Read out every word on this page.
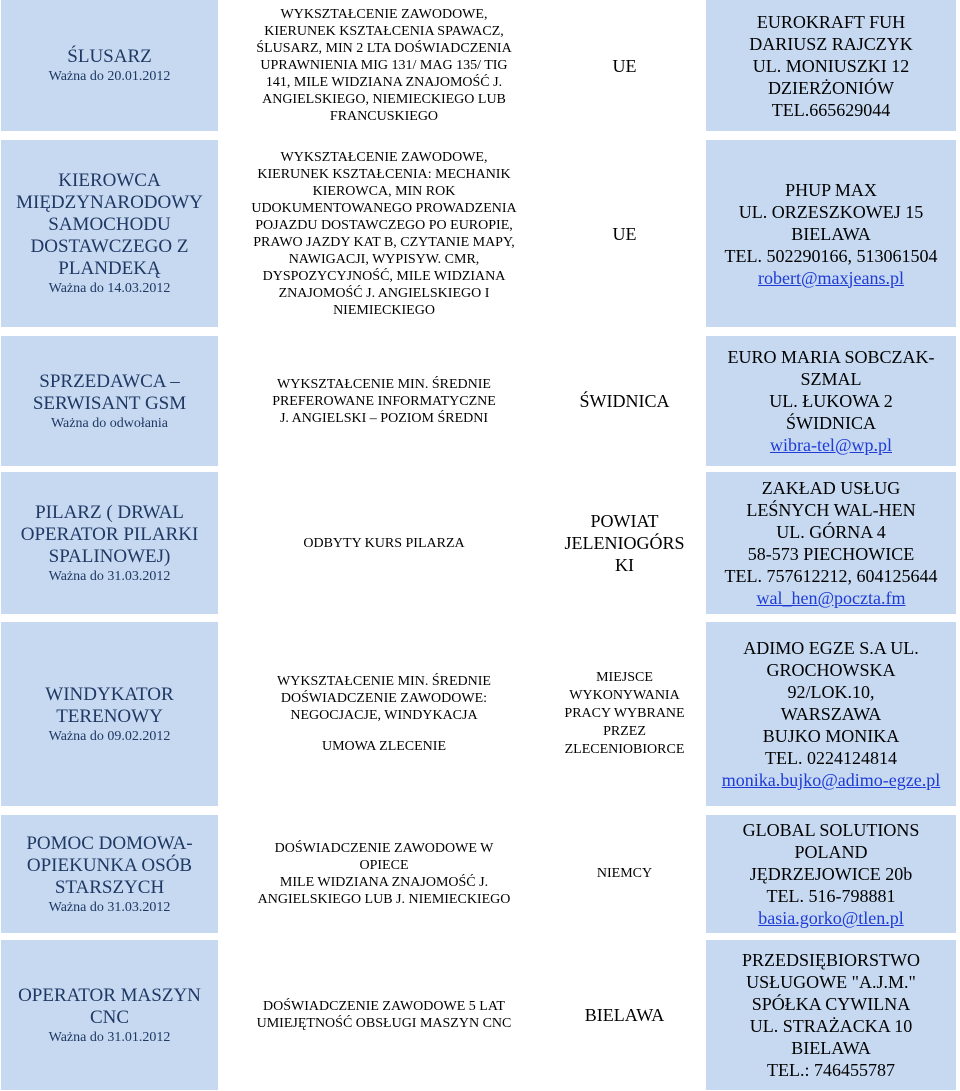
ŚLUSARZ
Ważna do 20.01.2012
WYKSZTAŁCENIE ZAWODOWE,
KIERUNEK KSZTAŁCENIA SPAWACZ,
ŚLUSARZ, MIN 2 LTA DOŚWIADCZENIA
UPRAWNIENIA MIG 131/ MAG 135/ TIG
141, MILE WIDZIANA ZNAJOMOŚĆ J.
ANGIELSKIEGO, NIEMIECKIEGO LUB
FRANCUSKIEGO
UE
EUROKRAFT FUH
DARIUSZ RAJCZYK
UL. MONIUSZKI 12
DZIERŻONIÓW
TEL.665629044
KIEROWCA MIĘDZYNARODOWY SAMOCHODU DOSTAWCZEGO Z PLANDEKĄ
Ważna do 14.03.2012
WYKSZTAŁCENIE ZAWODOWE,
KIERUNEK KSZTAŁCENIA: MECHANIK
KIEROWCA, MIN ROK
UDOKUMENTOWANEGO PROWADZENIA
POJAZDU DOSTAWCZEGO PO EUROPIE,
PRAWO JAZDY KAT B, CZYTANIE MAPY,
NAWIGACJI, WYPISYW. CMR,
DYSPOZYCYJNOŚĆ, MILE WIDZIANA
ZNAJOMOŚĆ J. ANGIELSKIEGO I
NIEMIECKIEGO
UE
PHUP MAX
UL. ORZESZKOWEJ 15
BIELAWA
TEL. 502290166, 513061504
robert@maxjeans.pl
SPRZEDAWCA – SERWISANT GSM
Ważna do odwołania
WYKSZTAŁCENIE MIN. ŚREDNIE
PREFEROWANE INFORMATYCZNE
J. ANGIELSKI – POZIOM ŚREDNI
ŚWIDNICA
EURO MARIA SOBCZAK-
SZMAL
UL. ŁUKOWA 2
ŚWIDNICA
wibra-tel@wp.pl
PILARZ ( DRWAL OPERATOR PILARKI SPALINOWEJ)
Ważna do 31.03.2012
ODBYTY KURS PILARZA
POWIAT JELENIOGÓRS KI
ZAKŁAD USŁUG
LEŚNYCH WAL-HEN
UL. GÓRNA 4
58-573 PIECHOWICE
TEL. 757612212, 604125644
wal_hen@poczta.fm
WINDYKATOR TERENOWY
Ważna do 09.02.2012
WYKSZTAŁCENIE MIN. ŚREDNIE
DOŚWIADCZENIE ZAWODOWE:
NEGOCJACJE, WINDYKACJA
UMOWA ZLECENIE
MIEJSCE WYKONYWANIA PRACY WYBRANE PRZEZ ZLECENIOBIORCE
ADIMO EGZE S.A UL.
GROCHOWSKA
92/LOK.10,
WARSZAWA
BUJKO MONIKA
TEL. 0224124814
monika.bujko@adimo-egze.pl
POMOC DOMOWA-OPIEKUNKA OSÓB STARSZYCH
Ważna do 31.03.2012
DOŚWIADCZENIE ZAWODOWE W
OPIECE
MILE WIDZIANA ZNAJOMOŚĆ J.
ANGIELSKIEGO LUB J. NIEMIECKIEGO
NIEMCY
GLOBAL SOLUTIONS
POLAND
JĘDRZEJOWICE 20b
TEL. 516-798881
basia.gorko@tlen.pl
OPERATOR MASZYN CNC
Ważna do 31.01.2012
DOŚWIADCZENIE ZAWODOWE 5 LAT
UMIEJĘTNOŚĆ OBSŁUGI MASZYN CNC	BIELAWA
PRZEDSIĘBIORSTWO
USŁUGOWE "A.J.M."
SPÓŁKA CYWILNA
UL. STRAŻACKA 10
BIELAWA
TEL.: 746455787
